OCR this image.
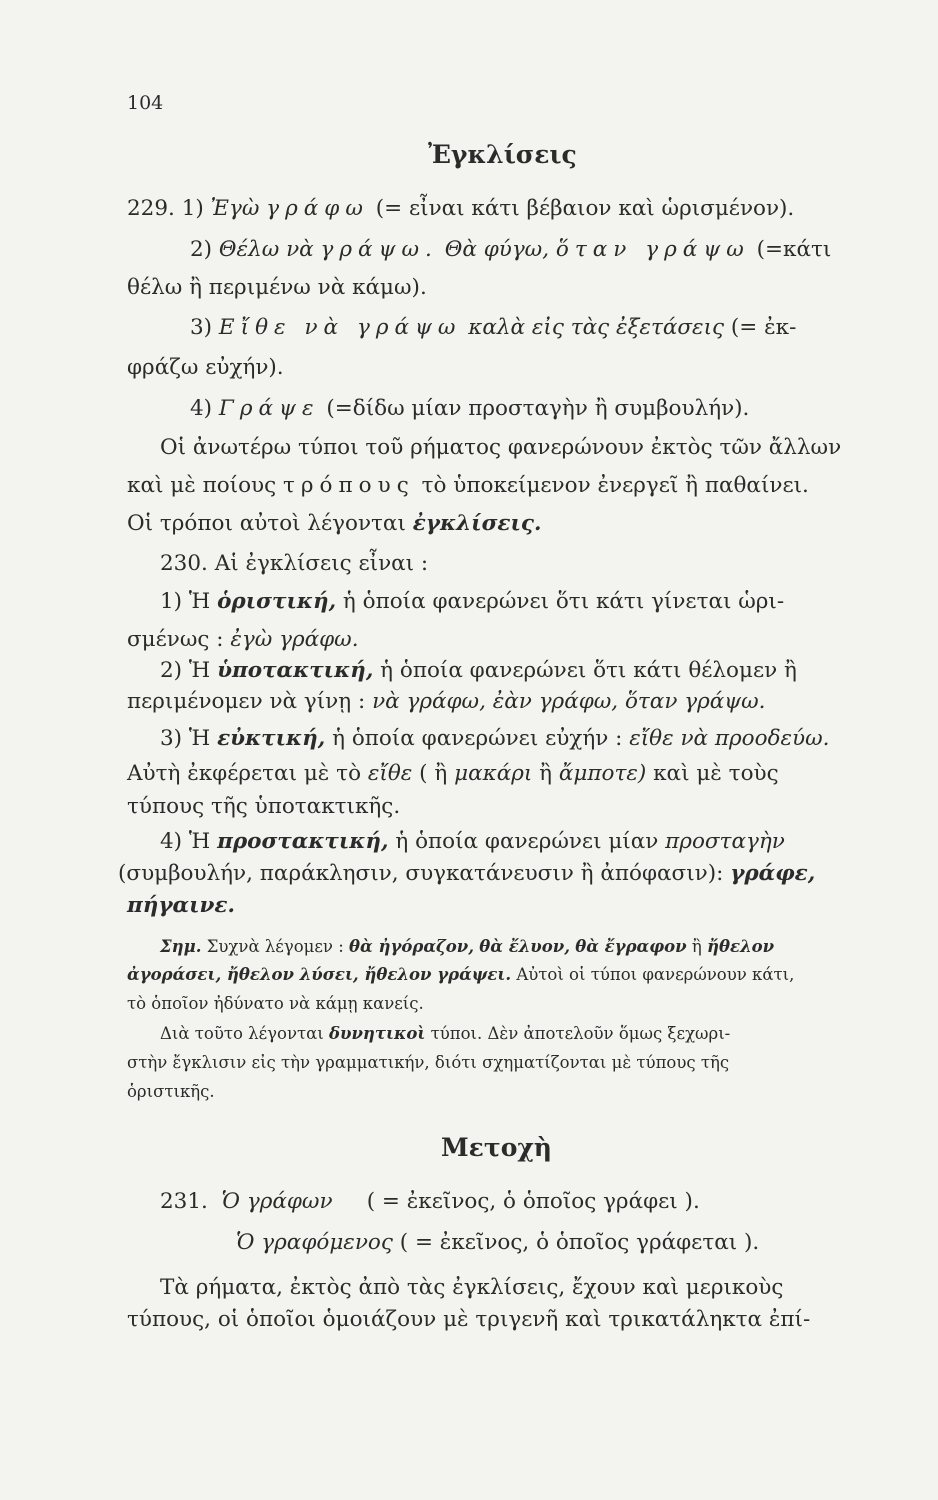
104
Ἐγκλίσεις
229. 1) Ἐγὼ γράφω (= εἶναι κάτι βέβαιον καὶ ὡρισμένον).
2) Θέλω νὰ γράψω. Θὰ φύγω, ὅταν γράψω (=κάτι
θέλω ἢ περιμένω νὰ κάμω).
3) Εἴθε νὰ γράψω καλὰ εἰς τὰς ἐξετάσεις (= ἐκ-
φράζω εὐχήν).
4) Γράψε (=δίδω μίαν προσταγὴν ἢ συμβουλήν).
Οἱ ἀνωτέρω τύποι τοῦ ρήματος φανερώνουν ἐκτὸς τῶν ἄλλων
καὶ μὲ ποίους τρόπους τὸ ὑποκείμενον ἐνεργεῖ ἢ παθαίνει.
Οἱ τρόποι αὐτοὶ λέγονται ἐγκλίσεις.
230. Αἱ ἐγκλίσεις εἶναι :
1) Ἡ ὁριστική, ἡ ὁποία φανερώνει ὅτι κάτι γίνεται ὡρι-
σμένως : ἐγὼ γράφω.
2) Ἡ ὑποτακτική, ἡ ὁποία φανερώνει ὅτι κάτι θέλομεν ἢ
περιμένομεν νὰ γίνῃ : νὰ γράφω, ἐὰν γράφω, ὅταν γράψω.
3) Ἡ εὐκτική, ἡ ὁποία φανερώνει εὐχήν : εἴθε νὰ προοδεύω.
Αὐτὴ ἐκφέρεται μὲ τὸ εἴθε ( ἢ μακάρι ἢ ἄμποτε) καὶ μὲ τοὺς
τύπους τῆς ὑποτακτικῆς.
4) Ἡ προστακτική, ἡ ὁποία φανερώνει μίαν προσταγὴν
(συμβουλήν, παράκλησιν, συγκατάνευσιν ἢ ἀπόφασιν): γράφε,
πήγαινε.
Σημ. Συχνὰ λέγομεν : θὰ ἠγόραζον, θὰ ἔλυον, θὰ ἔγραφον ἢ ἤθελον
ἀγοράσει, ἤθελον λύσει, ἤθελον γράψει. Αὐτοὶ οἱ τύποι φανερώνουν κάτι,
τὸ ὁποῖον ἠδύνατο νὰ κάμῃ κανείς.
Διὰ τοῦτο λέγονται δυνητικοὶ τύποι. Δὲν ἀποτελοῦν ὅμως ξεχωρι-
στὴν ἔγκλισιν εἰς τὴν γραμματικήν, διότι σχηματίζονται μὲ τύπους τῆς
ὁριστικῆς.
Μετοχὴ
231. Ὁ γράφων ( = ἐκεῖνος, ὁ ὁποῖος γράφει ).
Ὁ γραφόμενος ( = ἐκεῖνος, ὁ ὁποῖος γράφεται ).
Τὰ ρήματα, ἐκτὸς ἀπὸ τὰς ἐγκλίσεις, ἔχουν καὶ μερικοὺς
τύπους, οἱ ὁποῖοι ὁμοιάζουν μὲ τριγενῆ καὶ τρικατάληκτα ἐπί-
